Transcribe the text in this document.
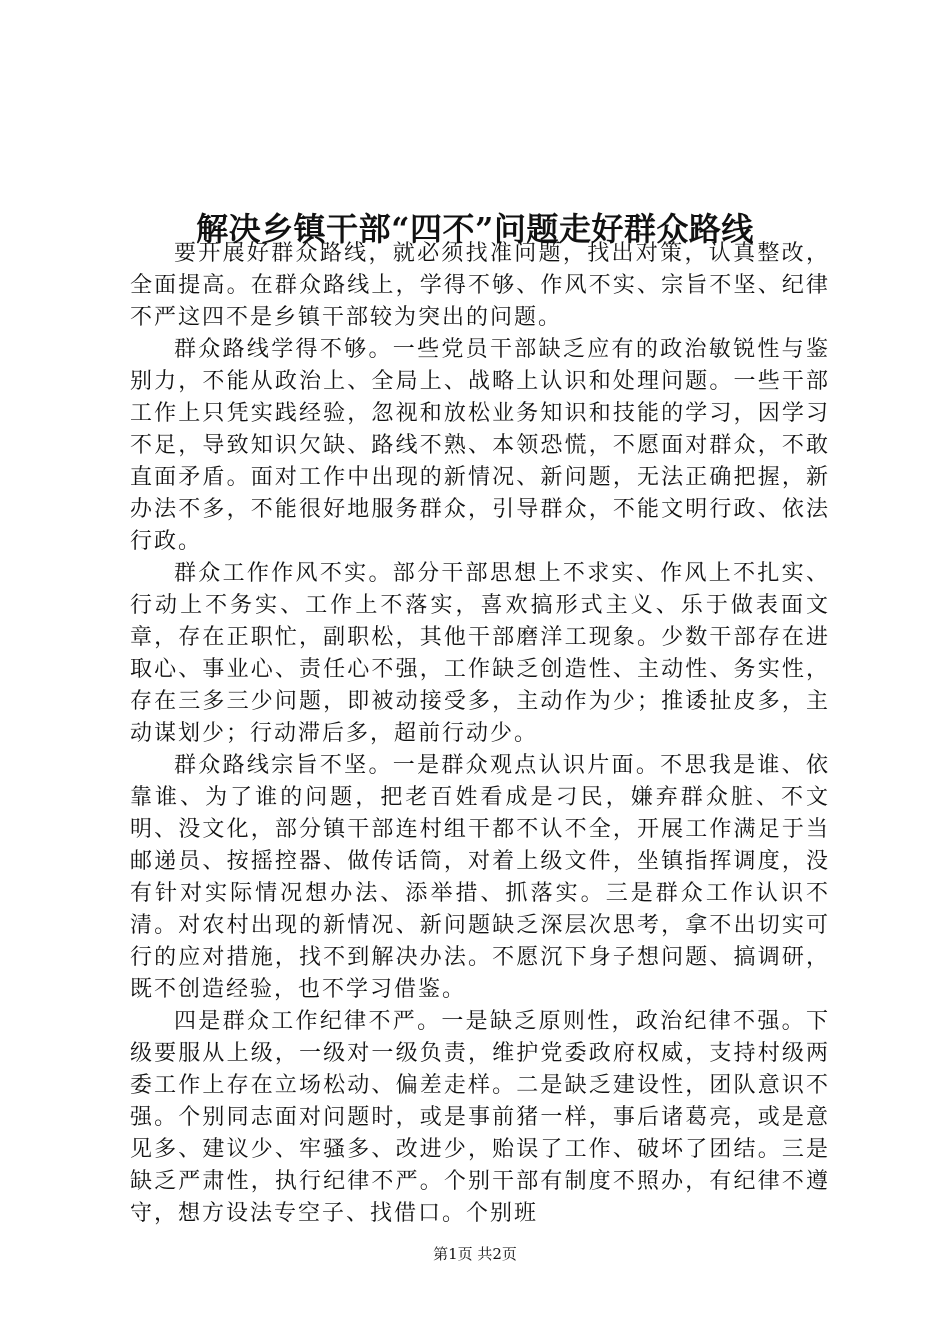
解决乡镇干部“四不”问题走好群众路线

要开展好群众路线，就必须找准问题，找出对策，认真整改，全面提高。在群众路线上，学得不够、作风不实、宗旨不坚、纪律不严这四不是乡镇干部较为突出的问题。

群众路线学得不够。一些党员干部缺乏应有的政治敏锐性与鉴别力，不能从政治上、全局上、战略上认识和处理问题。一些干部工作上只凭实践经验，忽视和放松业务知识和技能的学习，因学习不足，导致知识欠缺、路线不熟、本领恐慌，不愿面对群众，不敢直面矛盾。面对工作中出现的新情况、新问题，无法正确把握，新办法不多，不能很好地服务群众，引导群众，不能文明行政、依法行政。

群众工作作风不实。部分干部思想上不求实、作风上不扎实、行动上不务实、工作上不落实，喜欢搞形式主义、乐于做表面文章，存在正职忙，副职松，其他干部磨洋工现象。少数干部存在进取心、事业心、责任心不强，工作缺乏创造性、主动性、务实性，存在三多三少问题，即被动接受多，主动作为少；推诿扯皮多，主动谋划少；行动滞后多，超前行动少。

群众路线宗旨不坚。一是群众观点认识片面。不思我是谁、依靠谁、为了谁的问题，把老百姓看成是刁民，嫌弃群众脏、不文明、没文化，部分镇干部连村组干都不认不全，开展工作满足于当邮递员、按摇控器、做传话筒，对着上级文件，坐镇指挥调度，没有针对实际情况想办法、添举措、抓落实。三是群众工作认识不清。对农村出现的新情况、新问题缺乏深层次思考，拿不出切实可行的应对措施，找不到解决办法。不愿沉下身子想问题、搞调研，既不创造经验，也不学习借鉴。

四是群众工作纪律不严。一是缺乏原则性，政治纪律不强。下级要服从上级，一级对一级负责，维护党委政府权威，支持村级两委工作上存在立场松动、偏差走样。二是缺乏建设性，团队意识不强。个别同志面对问题时，或是事前猪一样，事后诸葛亮，或是意见多、建议少、牢骚多、改进少，贻误了工作、破坏了团结。三是缺乏严肃性，执行纪律不严。个别干部有制度不照办，有纪律不遵守，想方设法专空子、找借口。个别班

第1页 共2页
